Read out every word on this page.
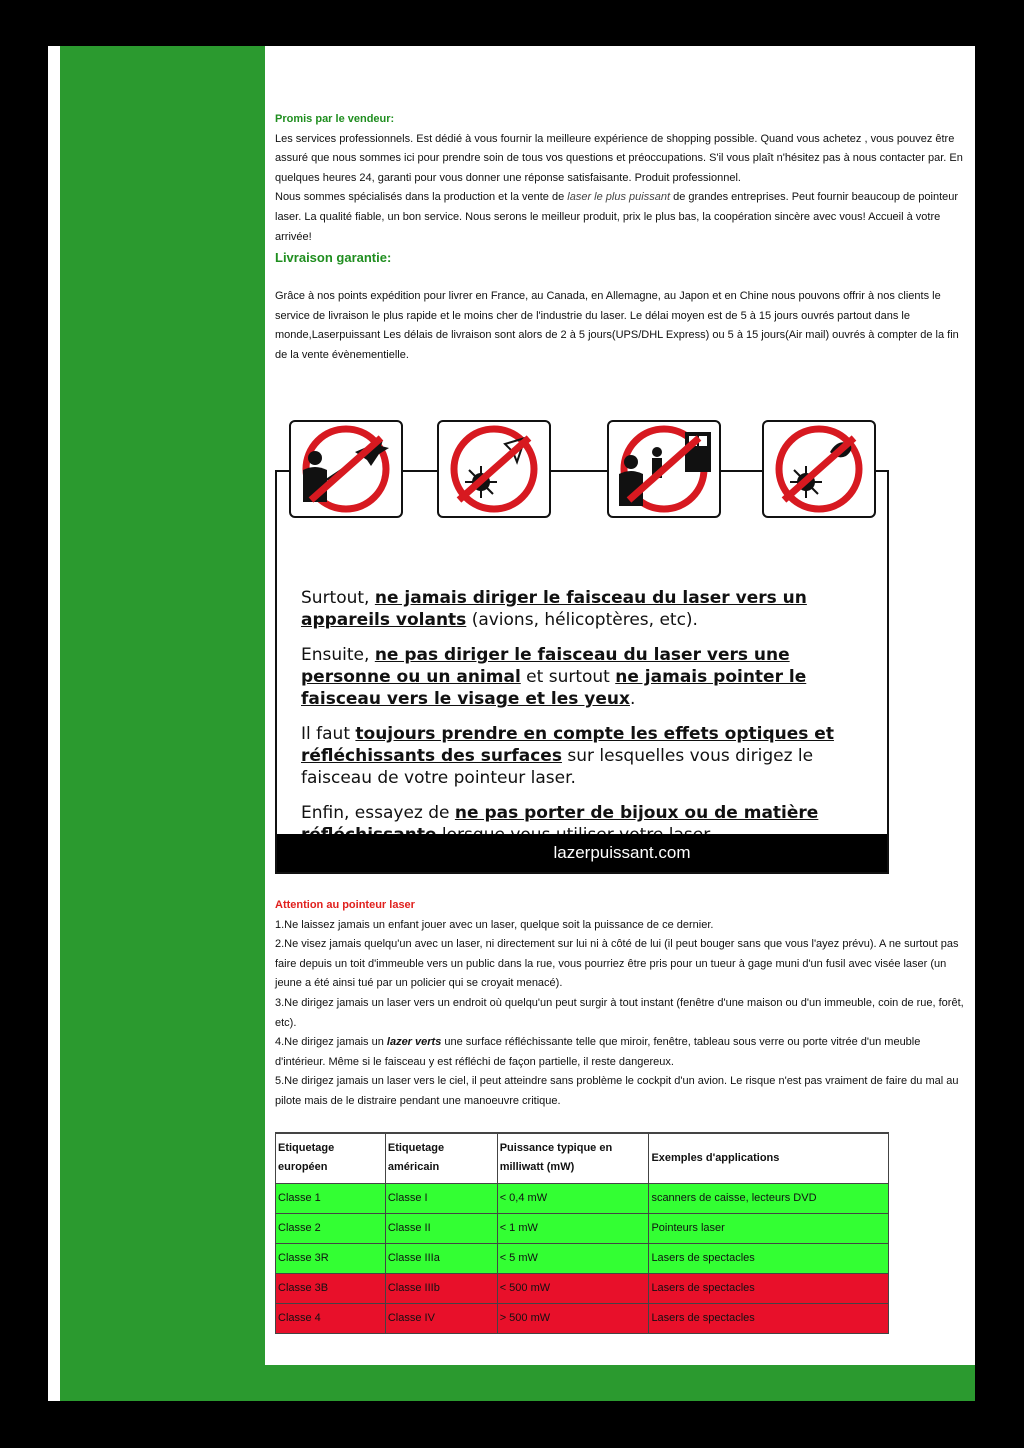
Promis par le vendeur:

Les services professionnels. Est dédié à vous fournir la meilleure expérience de shopping possible. Quand vous achetez , vous pouvez être assuré que nous sommes ici pour prendre soin de tous vos questions et préoccupations. S'il vous plaît n'hésitez pas à nous contacter par. En quelques heures 24, garanti pour vous donner une réponse satisfaisante. Produit professionnel.

Nous sommes spécialisés dans la production et la vente de laser le plus puissant de grandes entreprises. Peut fournir beaucoup de pointeur laser. La qualité fiable, un bon service. Nous serons le meilleur produit, prix le plus bas, la coopération sincère avec vous! Accueil à votre arrivée!

Livraison garantie:

Grâce à nos points expédition pour livrer en France, au Canada, en Allemagne, au Japon et en Chine nous pouvons offrir à nos clients le service de livraison le plus rapide et le moins cher de l'industrie du laser. Le délai moyen est de 5 à 15 jours ouvrés partout dans le monde,Laserpuissant Les délais de livraison sont alors de 2 à 5 jours(UPS/DHL Express) ou 5 à 15 jours(Air mail) ouvrés à compter de la fin de la vente évènementielle.

Surtout, ne jamais diriger le faisceau du laser vers un appareils volants (avions, hélicoptères, etc).

Ensuite, ne pas diriger le faisceau du laser vers une personne ou un animal et surtout ne jamais pointer le faisceau vers le visage et les yeux.

Il faut toujours prendre en compte les effets optiques et réfléchissants des surfaces sur lesquelles vous dirigez le faisceau de votre pointeur laser.

Enfin, essayez de ne pas porter de bijoux ou de matière

lazerpuissant.com
Attention au pointeur laser

1.Ne laissez jamais un enfant jouer avec un laser, quelque soit la puissance de ce dernier.

2.Ne visez jamais quelqu'un avec un laser, ni directement sur lui ni à côté de lui (il peut bouger sans que vous l'ayez prévu). A ne surtout pas faire depuis un toit d'immeuble vers un public dans la rue, vous pourriez être pris pour un tueur à gage muni d'un fusil avec visée laser (un jeune a été ainsi tué par un policier qui se croyait menacé).

3.Ne dirigez jamais un laser vers un endroit où quelqu'un peut surgir à tout instant (fenêtre d'une maison ou d'un immeuble, coin de rue, forêt, etc).

4.Ne dirigez jamais un lazer verts une surface réfléchissante telle que miroir, fenêtre, tableau sous verre ou porte vitrée d'un meuble d'intérieur. Même si le faisceau y est réfléchi de façon partielle, il reste dangereux.

5.Ne dirigez jamais un laser vers le ciel, il peut atteindre sans problème le cockpit d'un avion. Le risque n'est pas vraiment de faire du mal au pilote mais de le distraire pendant une manoeuvre critique.

Etiquetage européen	Etiquetage américain	Puissance typique en milliwatt (mW)	Exemples d'applications
Classe 1	Classe I	< 0,4 mW	scanners de caisse, lecteurs DVD
Classe 2	Classe II	< 1 mW	Pointeurs laser
Classe 3R	Classe IIIa	< 5 mW	Lasers de spectacles
Classe 3B	Classe IIIb	< 500 mW	Lasers de spectacles
Classe 4	Classe IV	> 500 mW	Lasers de spectacles
